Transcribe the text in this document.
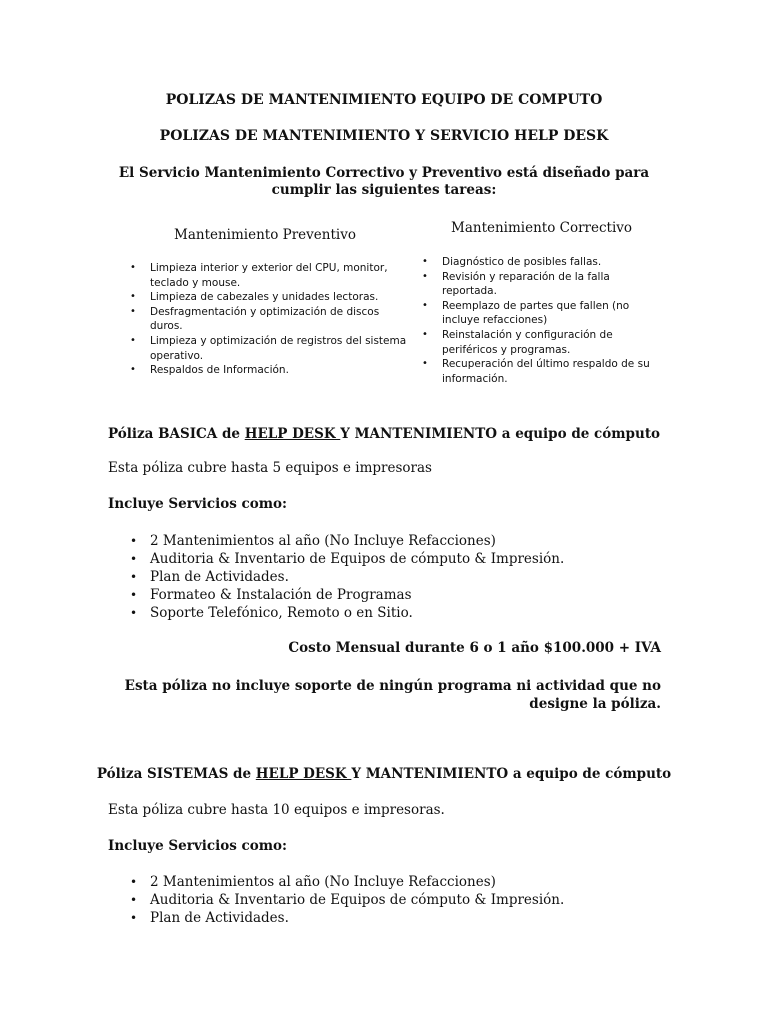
POLIZAS DE MANTENIMIENTO EQUIPO DE COMPUTO
POLIZAS DE MANTENIMIENTO Y SERVICIO HELP DESK
El Servicio Mantenimiento Correctivo y Preventivo está diseñado para cumplir las siguientes tareas:
Mantenimiento Preventivo
• Limpieza interior y exterior del CPU, monitor, teclado y mouse.
• Limpieza de cabezales y unidades lectoras.
• Desfragmentación y optimización de discos duros.
• Limpieza y optimización de registros del sistema operativo.
• Respaldos de Información.
Mantenimiento Correctivo
• Diagnóstico de posibles fallas.
• Revisión y reparación de la falla reportada.
• Reemplazo de partes que fallen (no incluye refacciones)
• Reinstalación y configuración de periféricos y programas.
• Recuperación del último respaldo de su información.
Póliza BASICA de HELP DESK Y MANTENIMIENTO a equipo de cómputo
Esta póliza cubre hasta 5 equipos e impresoras
Incluye Servicios como:
• 2 Mantenimientos al año (No Incluye Refacciones)
• Auditoria & Inventario de Equipos de cómputo & Impresión.
• Plan de Actividades.
• Formateo & Instalación de Programas
• Soporte Telefónico, Remoto o en Sitio.
Costo Mensual durante 6 o 1 año $100.000 + IVA
Esta póliza no incluye soporte de ningún programa ni actividad que no designe la póliza.
Póliza SISTEMAS de HELP DESK Y MANTENIMIENTO a equipo de cómputo
Esta póliza cubre hasta 10 equipos e impresoras.
Incluye Servicios como:
• 2 Mantenimientos al año (No Incluye Refacciones)
• Auditoria & Inventario de Equipos de cómputo & Impresión.
• Plan de Actividades.
